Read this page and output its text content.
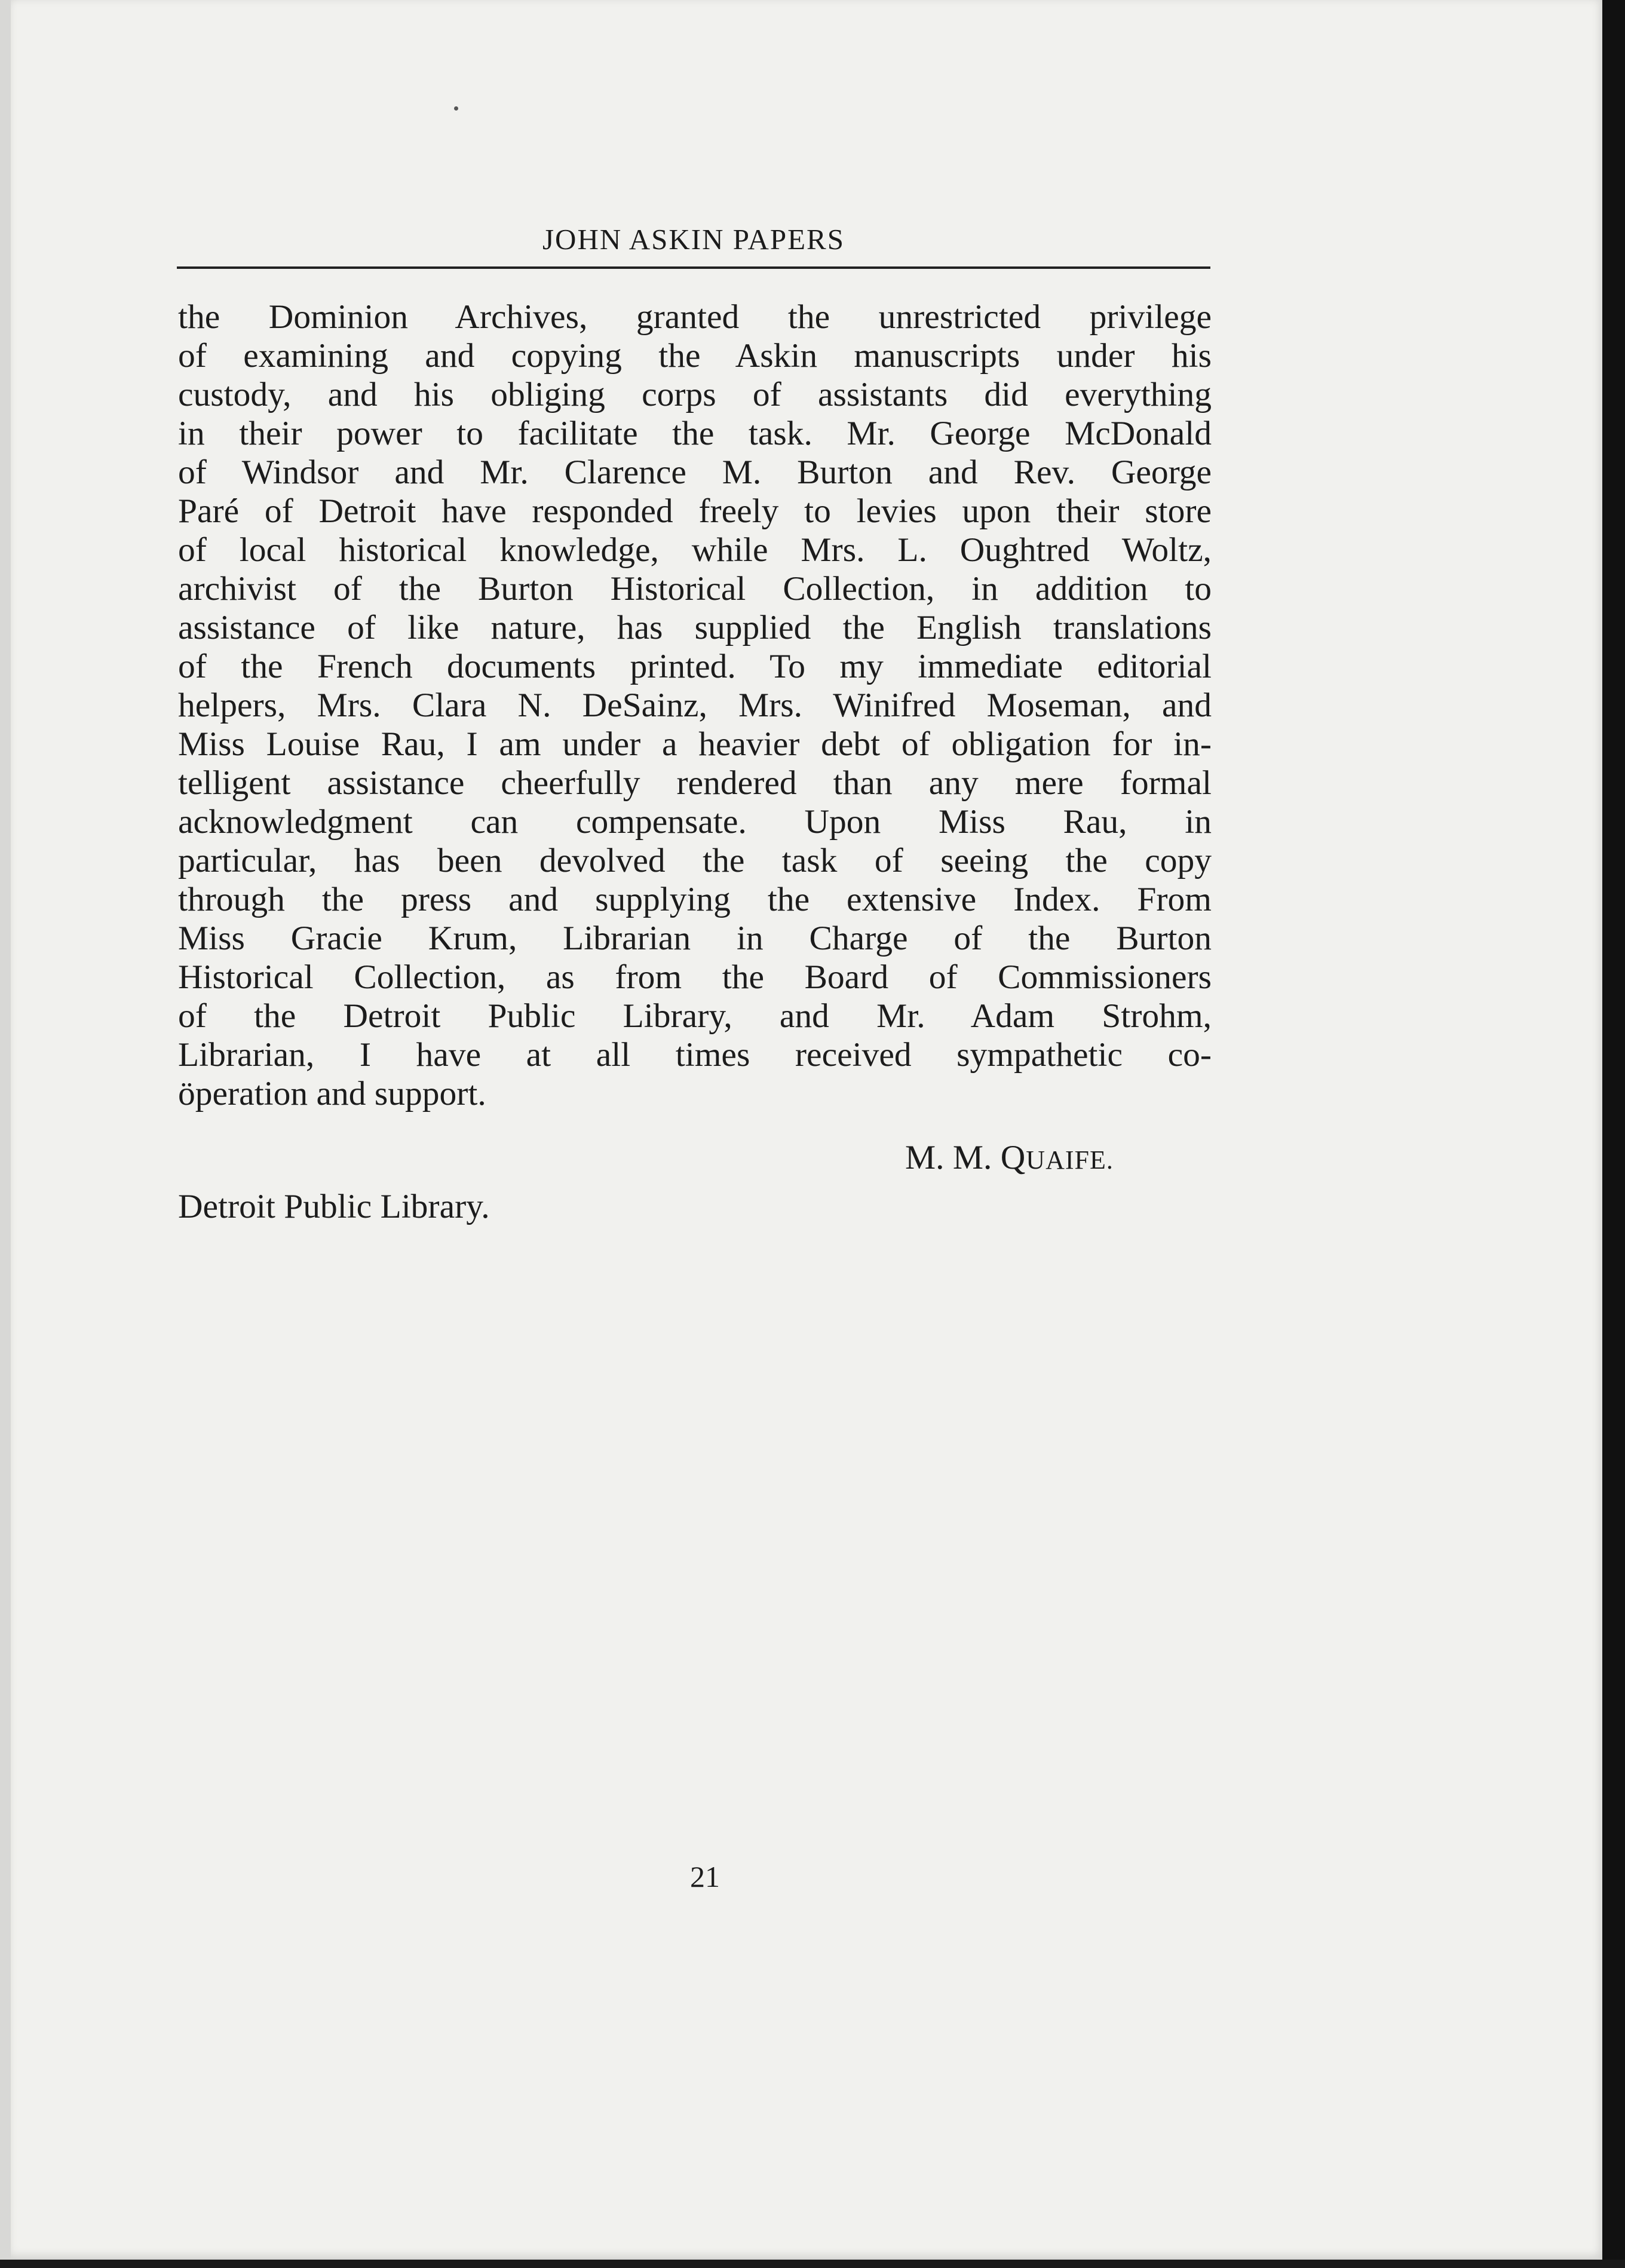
JOHN ASKIN PAPERS
the Dominion Archives, granted the unrestricted privilege
of examining and copying the Askin manuscripts under his
custody, and his obliging corps of assistants did everything
in their power to facilitate the task. Mr. George McDonald
of Windsor and Mr. Clarence M. Burton and Rev. George
Paré of Detroit have responded freely to levies upon their store
of local historical knowledge, while Mrs. L. Oughtred Woltz,
archivist of the Burton Historical Collection, in addition to
assistance of like nature, has supplied the English translations
of the French documents printed. To my immediate editorial
helpers, Mrs. Clara N. DeSainz, Mrs. Winifred Moseman, and
Miss Louise Rau, I am under a heavier debt of obligation for in-
telligent assistance cheerfully rendered than any mere formal
acknowledgment can compensate. Upon Miss Rau, in
particular, has been devolved the task of seeing the copy
through the press and supplying the extensive Index. From
Miss Gracie Krum, Librarian in Charge of the Burton
Historical Collection, as from the Board of Commissioners
of the Detroit Public Library, and Mr. Adam Strohm,
Librarian, I have at all times received sympathetic co-
öperation and support.
M. M. QUAIFE.
Detroit Public Library.
21
